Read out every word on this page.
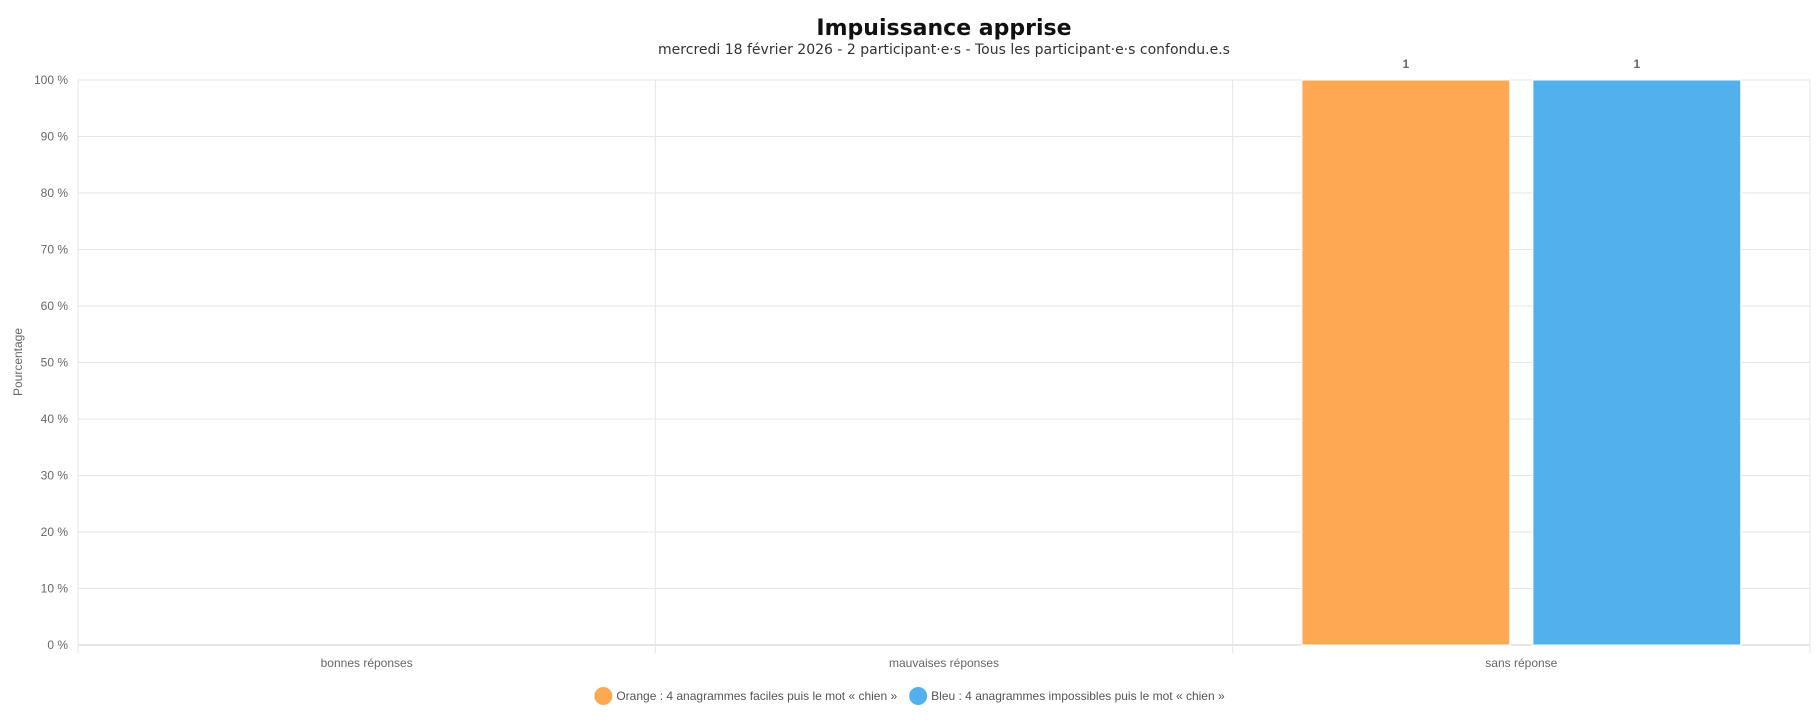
Impuissance apprise
mercredi 18 février 2026 - 2 participant·e·s - Tous les participant·e·s confondu.e.s
Pourcentage
1	1
0 %
10 %
20 %
30 %
40 %
50 %
60 %
70 %
80 %
90 %
100 %
bonnes réponses	mauvaises réponses	sans réponse
Orange : 4 anagrammes faciles puis le mot « chien »	Bleu : 4 anagrammes impossibles puis le mot « chien »
